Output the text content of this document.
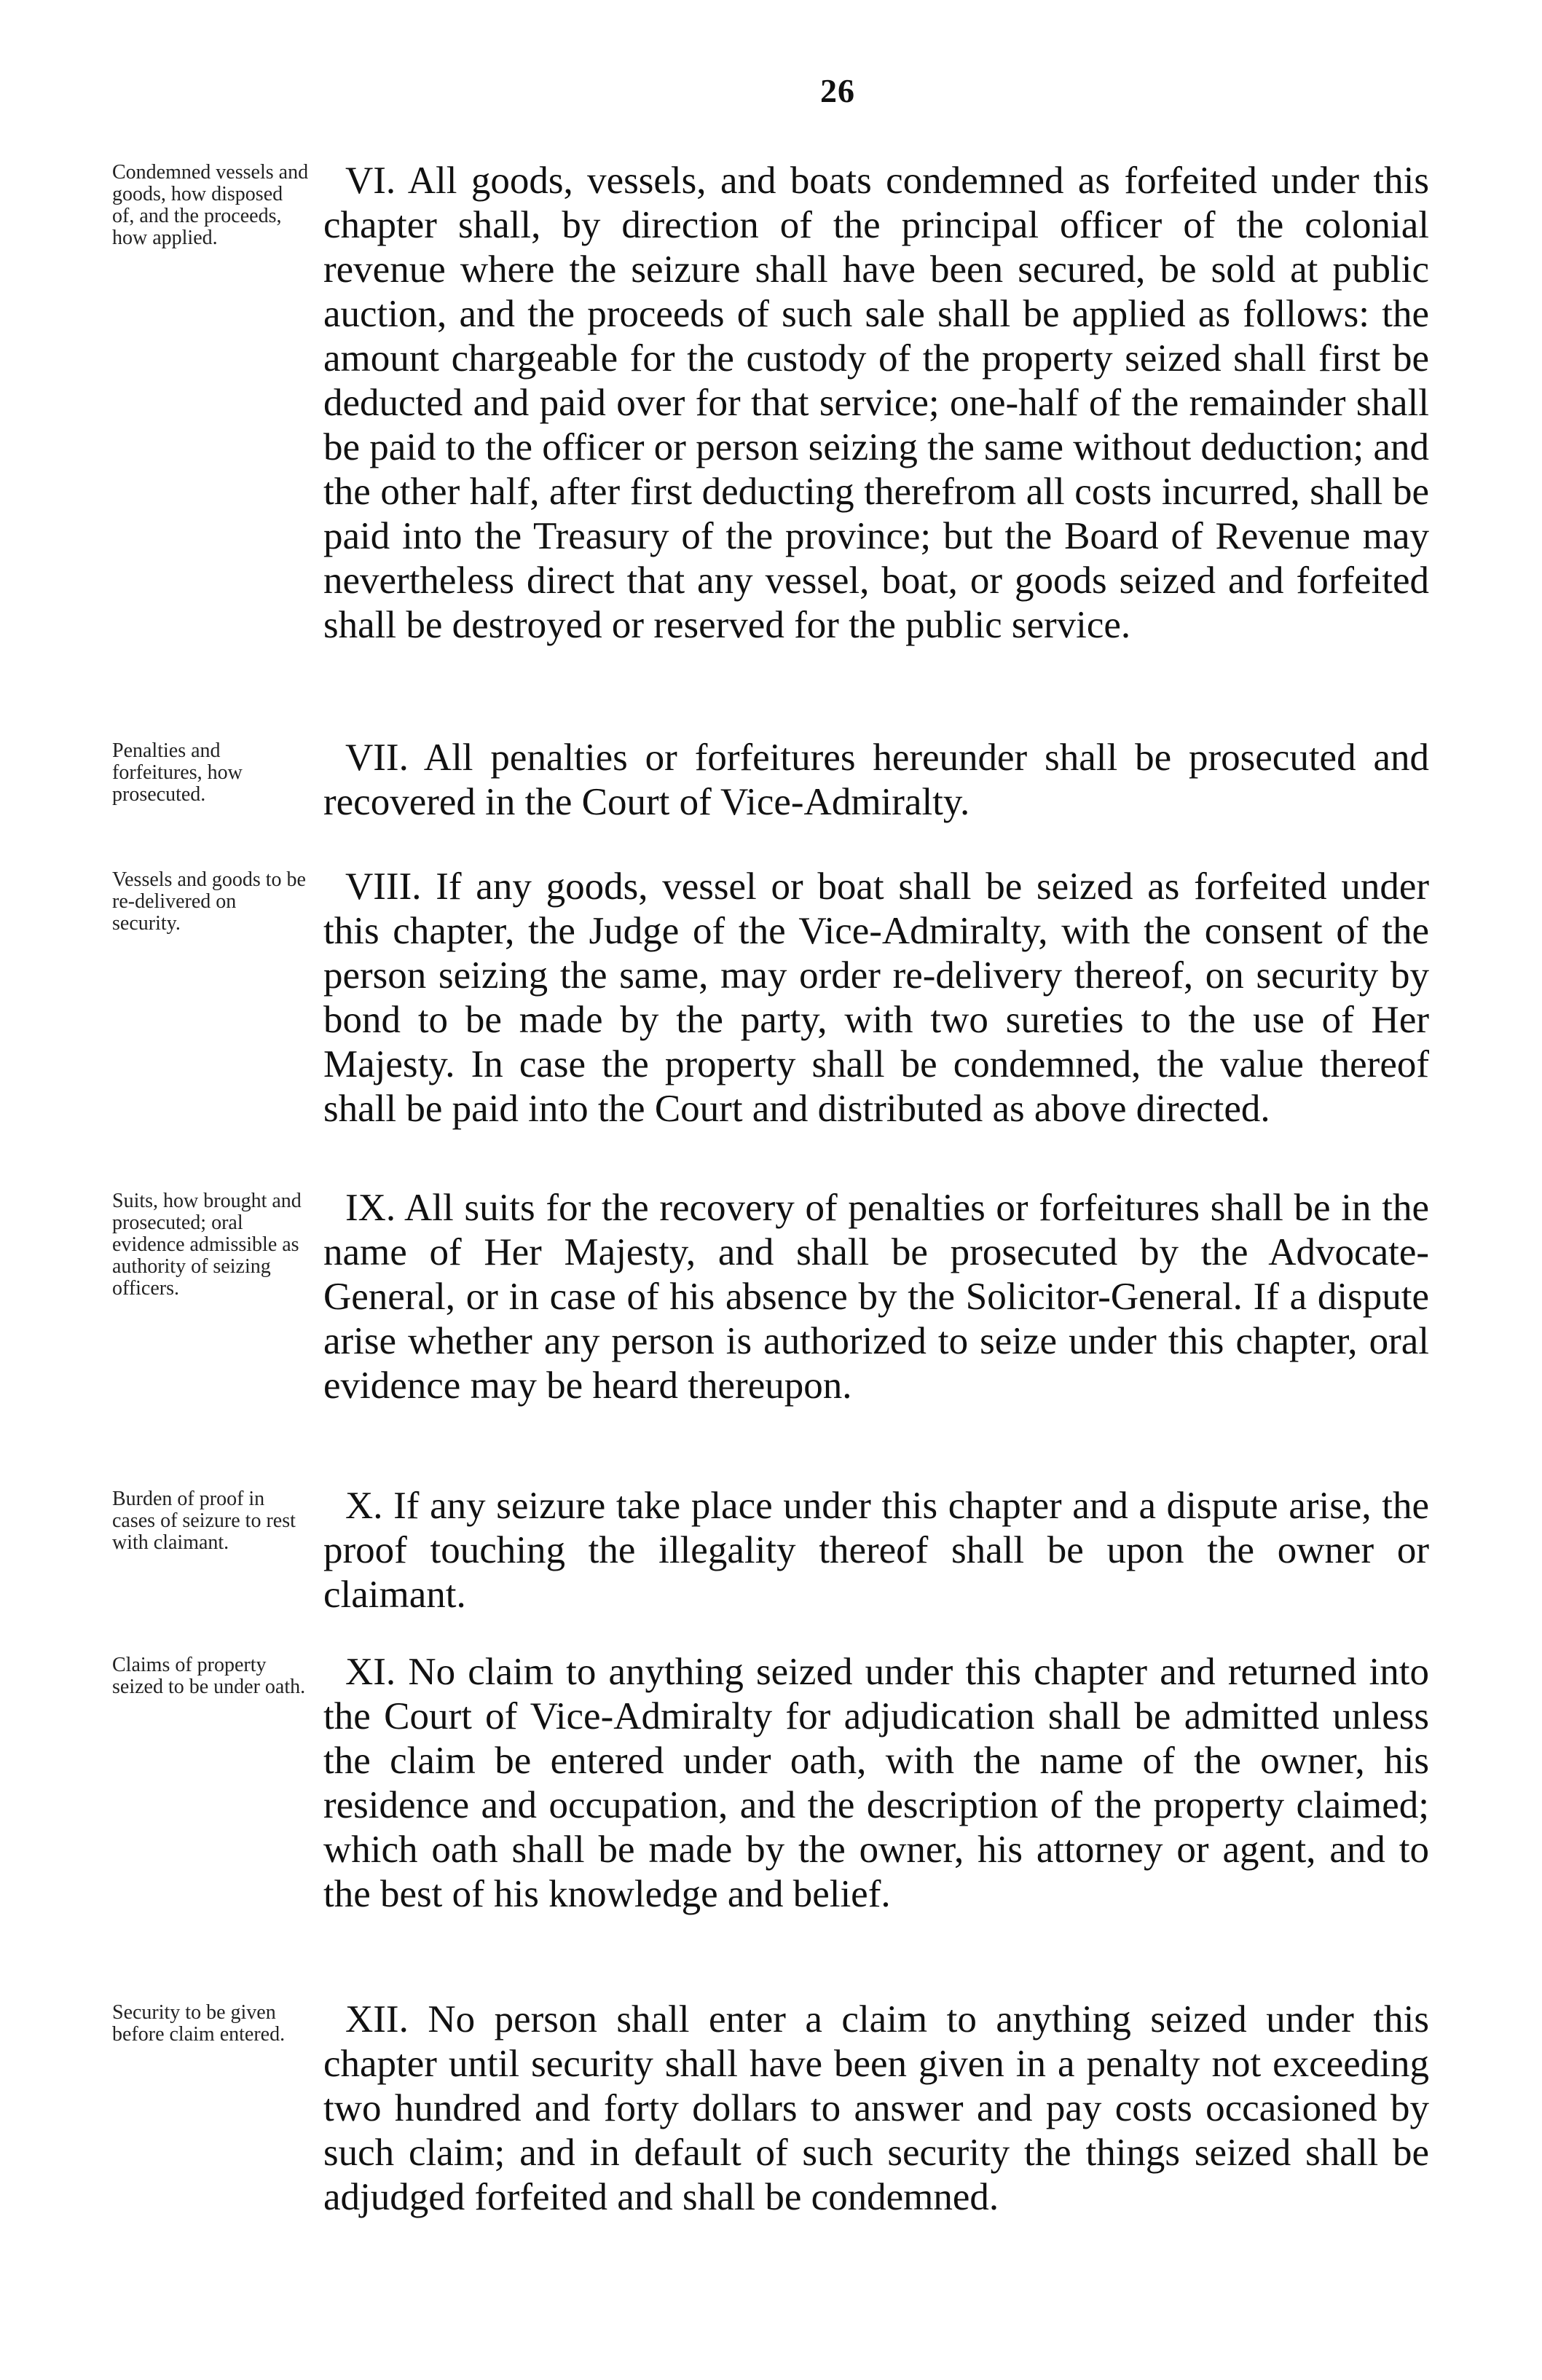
26
Condemned vessels and goods, how disposed of, and the proceeds, how applied.
VI. All goods, vessels, and boats condemned as forfeited under this chapter shall, by direction of the principal officer of the colonial revenue where the seizure shall have been secured, be sold at public auction, and the proceeds of such sale shall be applied as follows: the amount chargeable for the custody of the property seized shall first be deducted and paid over for that service; one-half of the remainder shall be paid to the officer or person seizing the same without deduction; and the other half, after first deducting therefrom all costs incurred, shall be paid into the Treasury of the province; but the Board of Revenue may nevertheless direct that any vessel, boat, or goods seized and forfeited shall be destroyed or reserved for the public service.
Penalties and forfeitures, how prosecuted.
VII. All penalties or forfeitures hereunder shall be prosecuted and recovered in the Court of Vice-Admiralty.
Vessels and goods to be re-delivered on security.
VIII. If any goods, vessel or boat shall be seized as forfeited under this chapter, the Judge of the Vice-Admiralty, with the consent of the person seizing the same, may order re-delivery thereof, on security by bond to be made by the party, with two sureties to the use of Her Majesty. In case the property shall be condemned, the value thereof shall be paid into the Court and distributed as above directed.
Suits, how brought and prosecuted; oral evidence admissible as authority of seizing officers.
IX. All suits for the recovery of penalties or forfeitures shall be in the name of Her Majesty, and shall be prosecuted by the Advocate-General, or in case of his absence by the Solicitor-General. If a dispute arise whether any person is authorized to seize under this chapter, oral evidence may be heard thereupon.
Burden of proof in cases of seizure to rest with claimant.
X. If any seizure take place under this chapter and a dispute arise, the proof touching the illegality thereof shall be upon the owner or claimant.
Claims of property seized to be under oath.	XI. No claim to anything seized under this chapter and returned into the Court of Vice-Admiralty for adjudication shall be admitted unless the claim be entered under oath, with the name of the owner, his residence and occupation, and the description of the property claimed; which oath shall be made by the owner, his attorney or agent, and to the best of his knowledge and belief.
Security to be given before claim entered.	XII. No person shall enter a claim to anything seized under this chapter until security shall have been given in a penalty not exceeding two hundred and forty dollars to answer and pay costs occasioned by such claim; and in default of such security the things seized shall be adjudged forfeited and shall be condemned.
